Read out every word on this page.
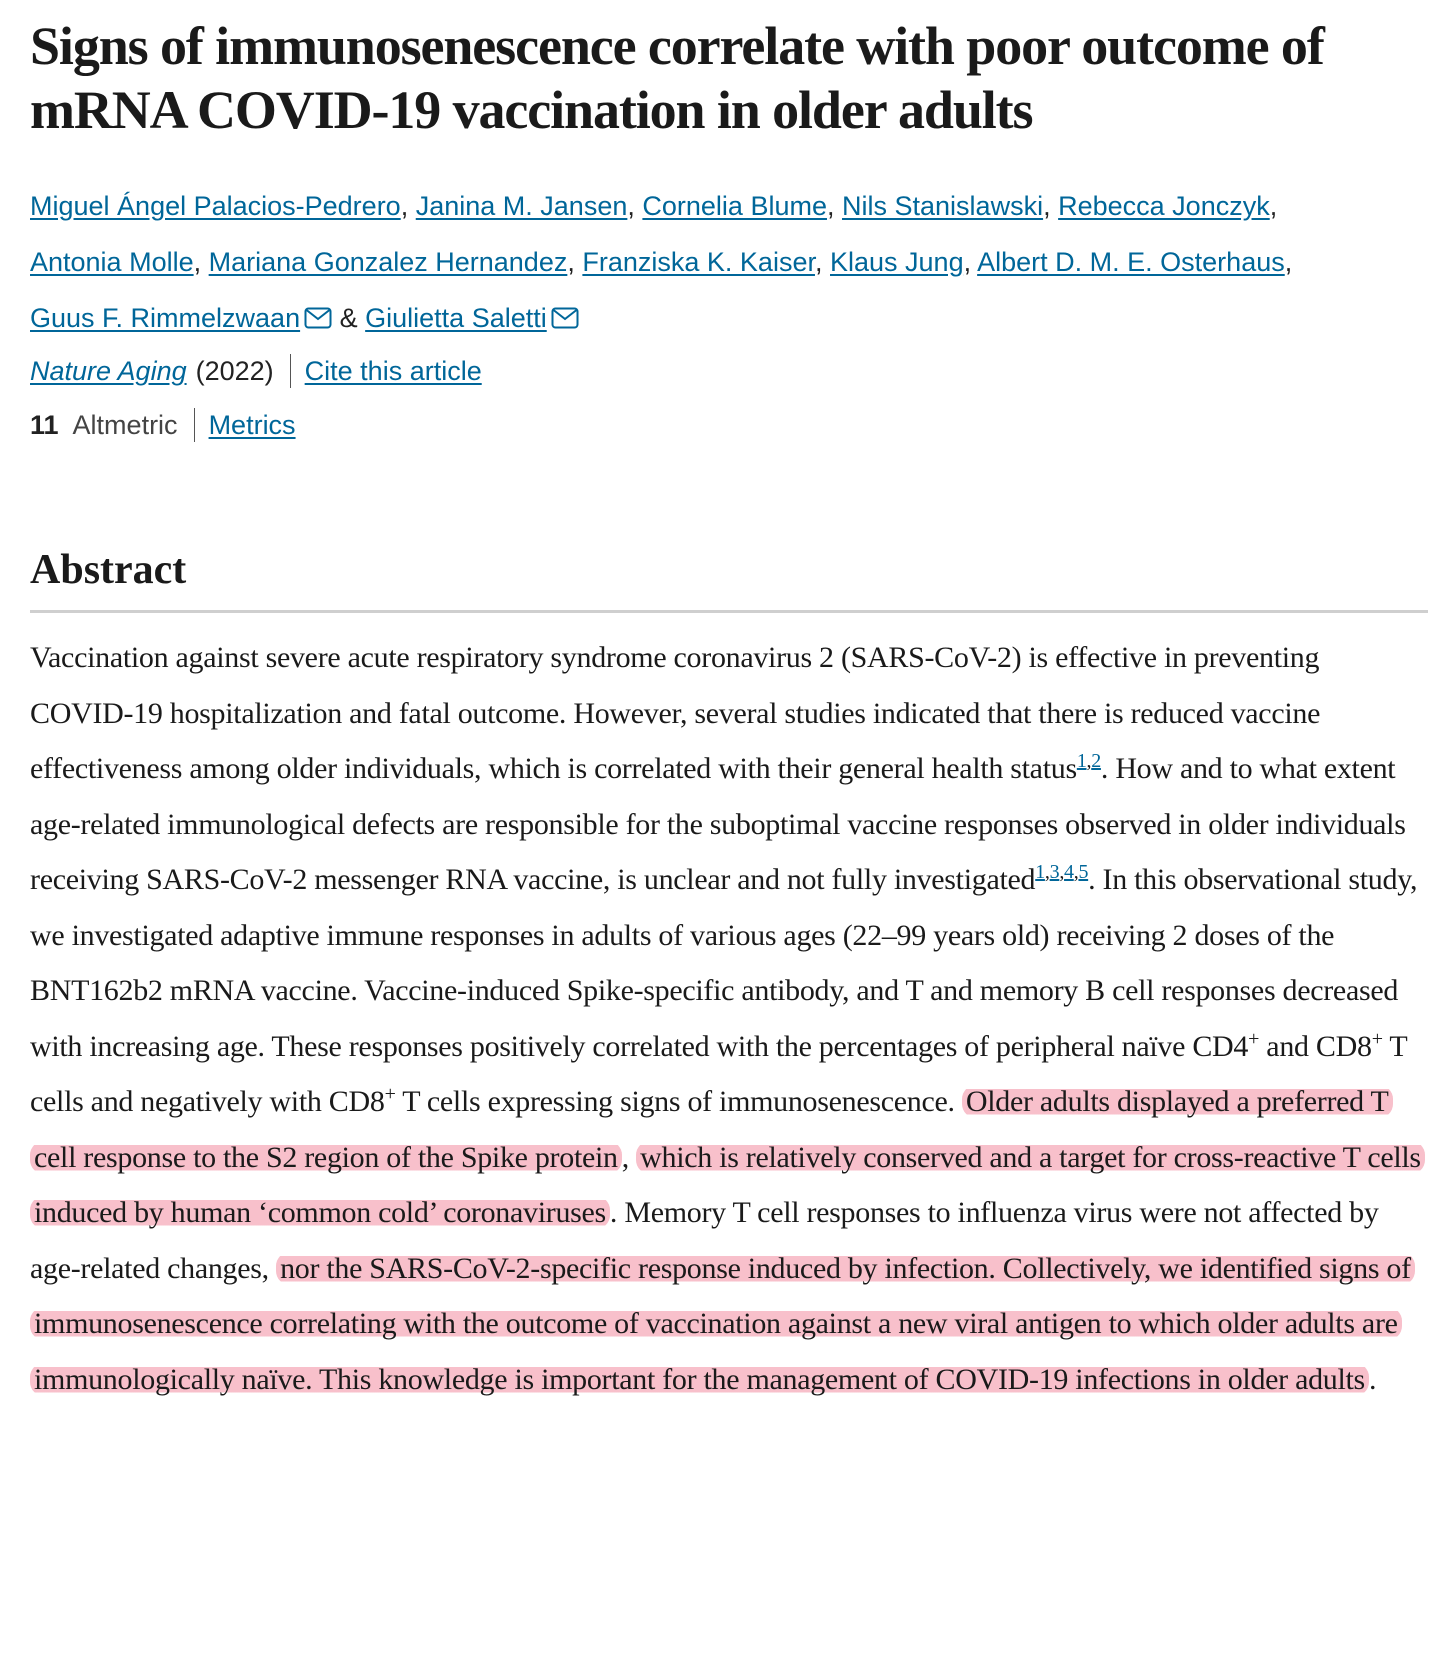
Signs of immunosenescence correlate with poor outcome of mRNA COVID-19 vaccination in older adults
Miguel Ángel Palacios-Pedrero, Janina M. Jansen, Cornelia Blume, Nils Stanislawski, Rebecca Jonczyk,
Antonia Molle, Mariana Gonzalez Hernandez, Franziska K. Kaiser, Klaus Jung, Albert D. M. E. Osterhaus,
Guus F. Rimmelzwaan & Giulietta Saletti
Nature Aging (2022) Cite this article
11 Altmetric Metrics
Abstract

Vaccination against severe acute respiratory syndrome coronavirus 2 (SARS-CoV-2) is effective in preventing COVID-19 hospitalization and fatal outcome. However, several studies indicated that there is reduced vaccine effectiveness among older individuals, which is correlated with their general health status$^{1,2}$. How and to what extent age-related immunological defects are responsible for the suboptimal vaccine responses observed in older individuals receiving SARS-CoV-2 messenger RNA vaccine, is unclear and not fully investigated$^{1,3,4,5}$. In this observational study, we investigated adaptive immune responses in adults of various ages (22–99 years old) receiving 2 doses of the BNT162b2 mRNA vaccine. Vaccine-induced Spike-specific antibody, and T and memory B cell responses decreased with increasing age. These responses positively correlated with the percentages of peripheral naïve CD4+ and CD8+ T cells and negatively with CD8+ T cells expressing signs of immunosenescence. Older adults displayed a preferred T cell response to the S2 region of the Spike protein , which is relatively conserved and a target for cross-reactive T cells induced by human ‘common cold’ coronaviruses . Memory T cell responses to influenza virus were not affected by age-related changes, nor the SARS-CoV-2-specific response induced by infection. Collectively, we identified signs of immunosenescence correlating with the outcome of vaccination against a new viral antigen to which older adults are immunologically naïve. This knowledge is important for the management of COVID-19 infections in older adults .
